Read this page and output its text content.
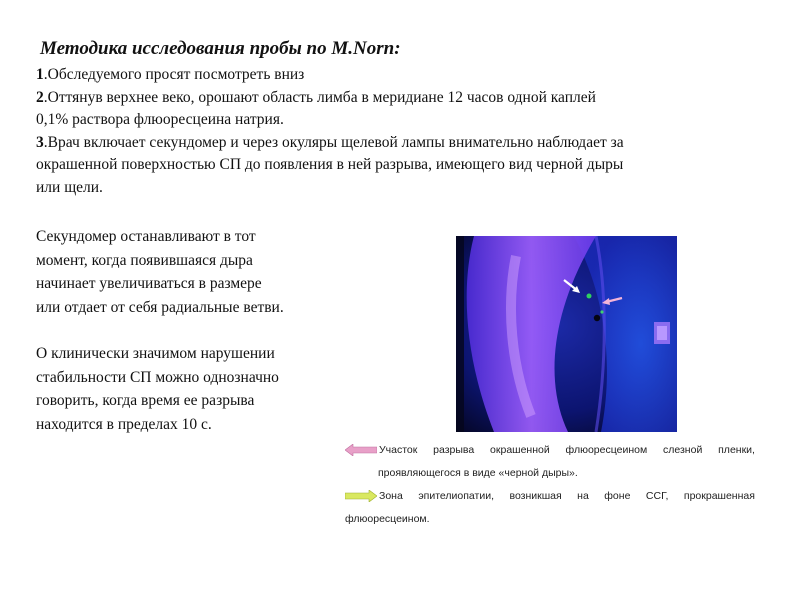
Методика исследования пробы по M.Norn:

1.Обследуемого просят посмотреть вниз

2.Оттянув верхнее веко, орошают область лимба в меридиане 12 часов одной каплей

0,1% раствора флюоресцеина натрия.

3.Врач включает секундомер и через окуляры щелевой лампы внимательно наблюдает за

окрашенной поверхностью СП до появления в ней разрыва, имеющего вид черной дыры

или щели.

Секундомер останавливают в тот
момент, когда появившаяся дыра
начинает увеличиваться в размере
или отдает от себя радиальные ветви.
О клинически значимом нарушении
стабильности СП можно однозначно
говорить, когда время ее разрыва
находится в пределах 10 с.
Участок разрыва окрашенной флюоресцеином слезной пленки,
проявляющегося в виде «черной дыры».
Зона эпителиопатии, возникшая на фоне ССГ, прокрашенная
флюоресцеином.
